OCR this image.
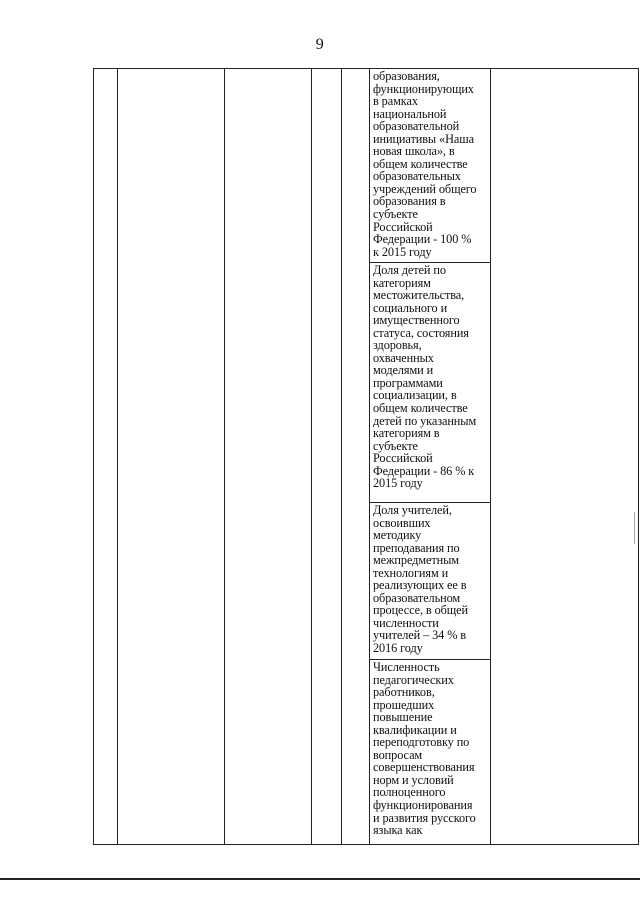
9

образования,
функционирующих
в рамках
национальной
образовательной
инициативы «Наша
новая школа», в
общем количестве
образовательных
учреждений общего
образования в
субъекте
Российской
Федерации - 100 %
к 2015 году

Доля детей по
категориям
местожительства,
социального и
имущественного
статуса, состояния
здоровья,
охваченных
моделями и
программами
социализации, в
общем количестве
детей по указанным
категориям в
субъекте
Российской
Федерации - 86 % к
2015 году

Доля учителей,
освоивших
методику
преподавания по
межпредметным
технологиям и
реализующих ее в
образовательном
процессе, в общей
численности
учителей – 34 % в
2016 году

Численность
педагогических
работников,
прошедших
повышение
квалификации и
переподготовку по
вопросам
совершенствования
норм и условий
полноценного
функционирования
и развития русского
языка как
